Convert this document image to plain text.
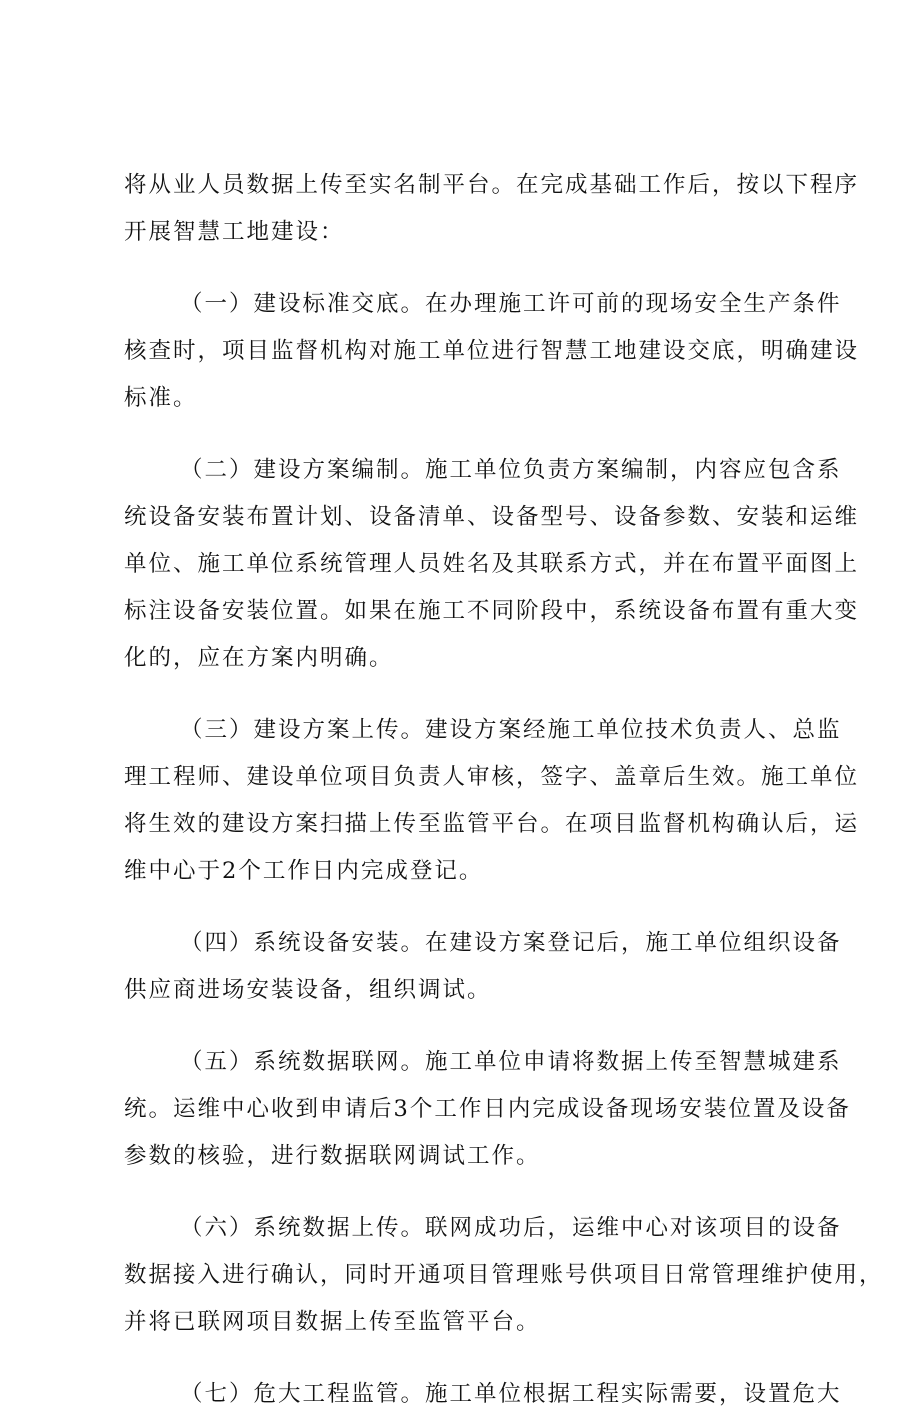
将从业人员数据上传至实名制平台。在完成基础工作后，按以下程序
开展智慧工地建设：
（一）建设标准交底。在办理施工许可前的现场安全生产条件
核查时，项目监督机构对施工单位进行智慧工地建设交底，明确建设
标准。
（二）建设方案编制。施工单位负责方案编制，内容应包含系
统设备安装布置计划、设备清单、设备型号、设备参数、安装和运维
单位、施工单位系统管理人员姓名及其联系方式，并在布置平面图上
标注设备安装位置。如果在施工不同阶段中，系统设备布置有重大变
化的，应在方案内明确。
（三）建设方案上传。建设方案经施工单位技术负责人、总监
理工程师、建设单位项目负责人审核，签字、盖章后生效。施工单位
将生效的建设方案扫描上传至监管平台。在项目监督机构确认后，运
维中心于2个工作日内完成登记。
（四）系统设备安装。在建设方案登记后，施工单位组织设备
供应商进场安装设备，组织调试。
（五）系统数据联网。施工单位申请将数据上传至智慧城建系
统。运维中心收到申请后3个工作日内完成设备现场安装位置及设备
参数的核验，进行数据联网调试工作。
（六）系统数据上传。联网成功后，运维中心对该项目的设备
数据接入进行确认，同时开通项目管理账号供项目日常管理维护使用，
并将已联网项目数据上传至监管平台。
（七）危大工程监管。施工单位根据工程实际需要，设置危大
